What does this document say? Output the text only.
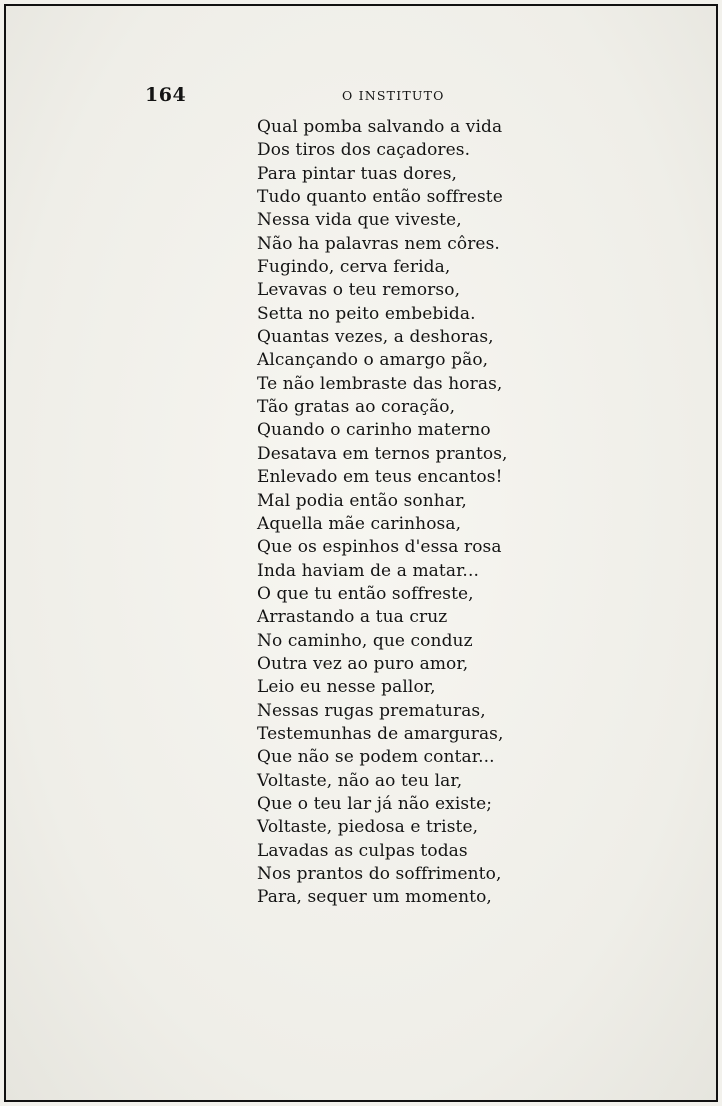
164	O INSTITUTO
Qual pomba salvando a vida
Dos tiros dos caçadores.
Para pintar tuas dores,
Tudo quanto então soffreste
Nessa vida que viveste,
Não ha palavras nem côres.
Fugindo, cerva ferida,
Levavas o teu remorso,
Setta no peito embebida.
Quantas vezes, a deshoras,
Alcançando o amargo pão,
Te não lembraste das horas,
Tão gratas ao coração,
Quando o carinho materno
Desatava em ternos prantos,
Enlevado em teus encantos!
Mal podia então sonhar,
Aquella mãe carinhosa,
Que os espinhos d'essa rosa
Inda haviam de a matar...
O que tu então soffreste,
Arrastando a tua cruz
No caminho, que conduz
Outra vez ao puro amor,
Leio eu nesse pallor,
Nessas rugas prematuras,
Testemunhas de amarguras,
Que não se podem contar...
Voltaste, não ao teu lar,
Que o teu lar já não existe;
Voltaste, piedosa e triste,
Lavadas as culpas todas
Nos prantos do soffrimento,
Para, sequer um momento,
